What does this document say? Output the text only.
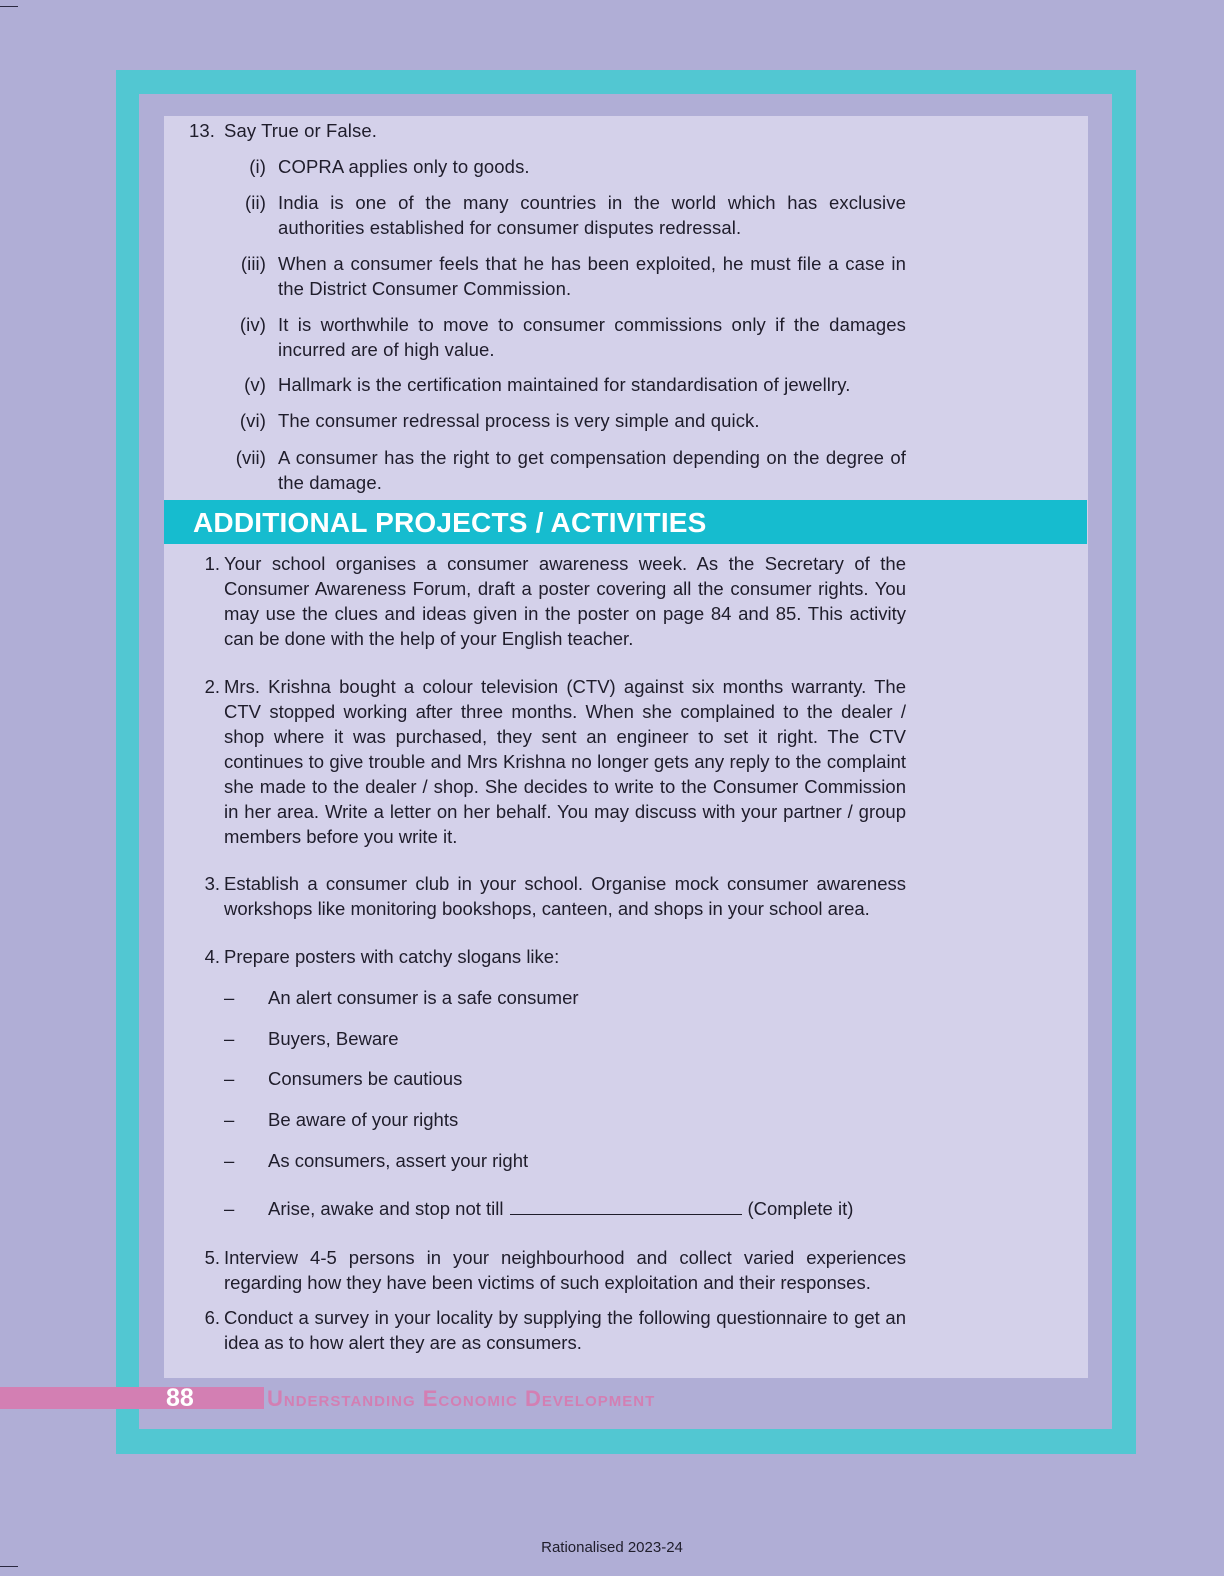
13. Say True or False.
(i) COPRA applies only to goods.
(ii) India is one of the many countries in the world which has exclusive authorities established for consumer disputes redressal.
(iii) When a consumer feels that he has been exploited, he must file a case in the District Consumer Commission.
(iv) It is worthwhile to move to consumer commissions only if the damages incurred are of high value.
(v) Hallmark is the certification maintained for standardisation of jewellry.
(vi) The consumer redressal process is very simple and quick.
(vii) A consumer has the right to get compensation depending on the degree of the damage.
ADDITIONAL PROJECTS / ACTIVITIES
1. Your school organises a consumer awareness week. As the Secretary of the Consumer Awareness Forum, draft a poster covering all the consumer rights. You may use the clues and ideas given in the poster on page 84 and 85. This activity can be done with the help of your English teacher.
2. Mrs. Krishna bought a colour television (CTV) against six months warranty. The CTV stopped working after three months. When she complained to the dealer / shop where it was purchased, they sent an engineer to set it right. The CTV continues to give trouble and Mrs Krishna no longer gets any reply to the complaint she made to the dealer / shop. She decides to write to the Consumer Commission in her area. Write a letter on her behalf. You may discuss with your partner / group members before you write it.
3. Establish a consumer club in your school. Organise mock consumer awareness workshops like monitoring bookshops, canteen, and shops in your school area.
4. Prepare posters with catchy slogans like:
– An alert consumer is a safe consumer
– Buyers, Beware
– Consumers be cautious
– Be aware of your rights
– As consumers, assert your right
– Arise, awake and stop not till	(Complete it)
5. Interview 4-5 persons in your neighbourhood and collect varied experiences regarding how they have been victims of such exploitation and their responses.
6. Conduct a survey in your locality by supplying the following questionnaire to get an idea as to how alert they are as consumers.
88	Understanding Economic Development
Rationalised 2023-24
